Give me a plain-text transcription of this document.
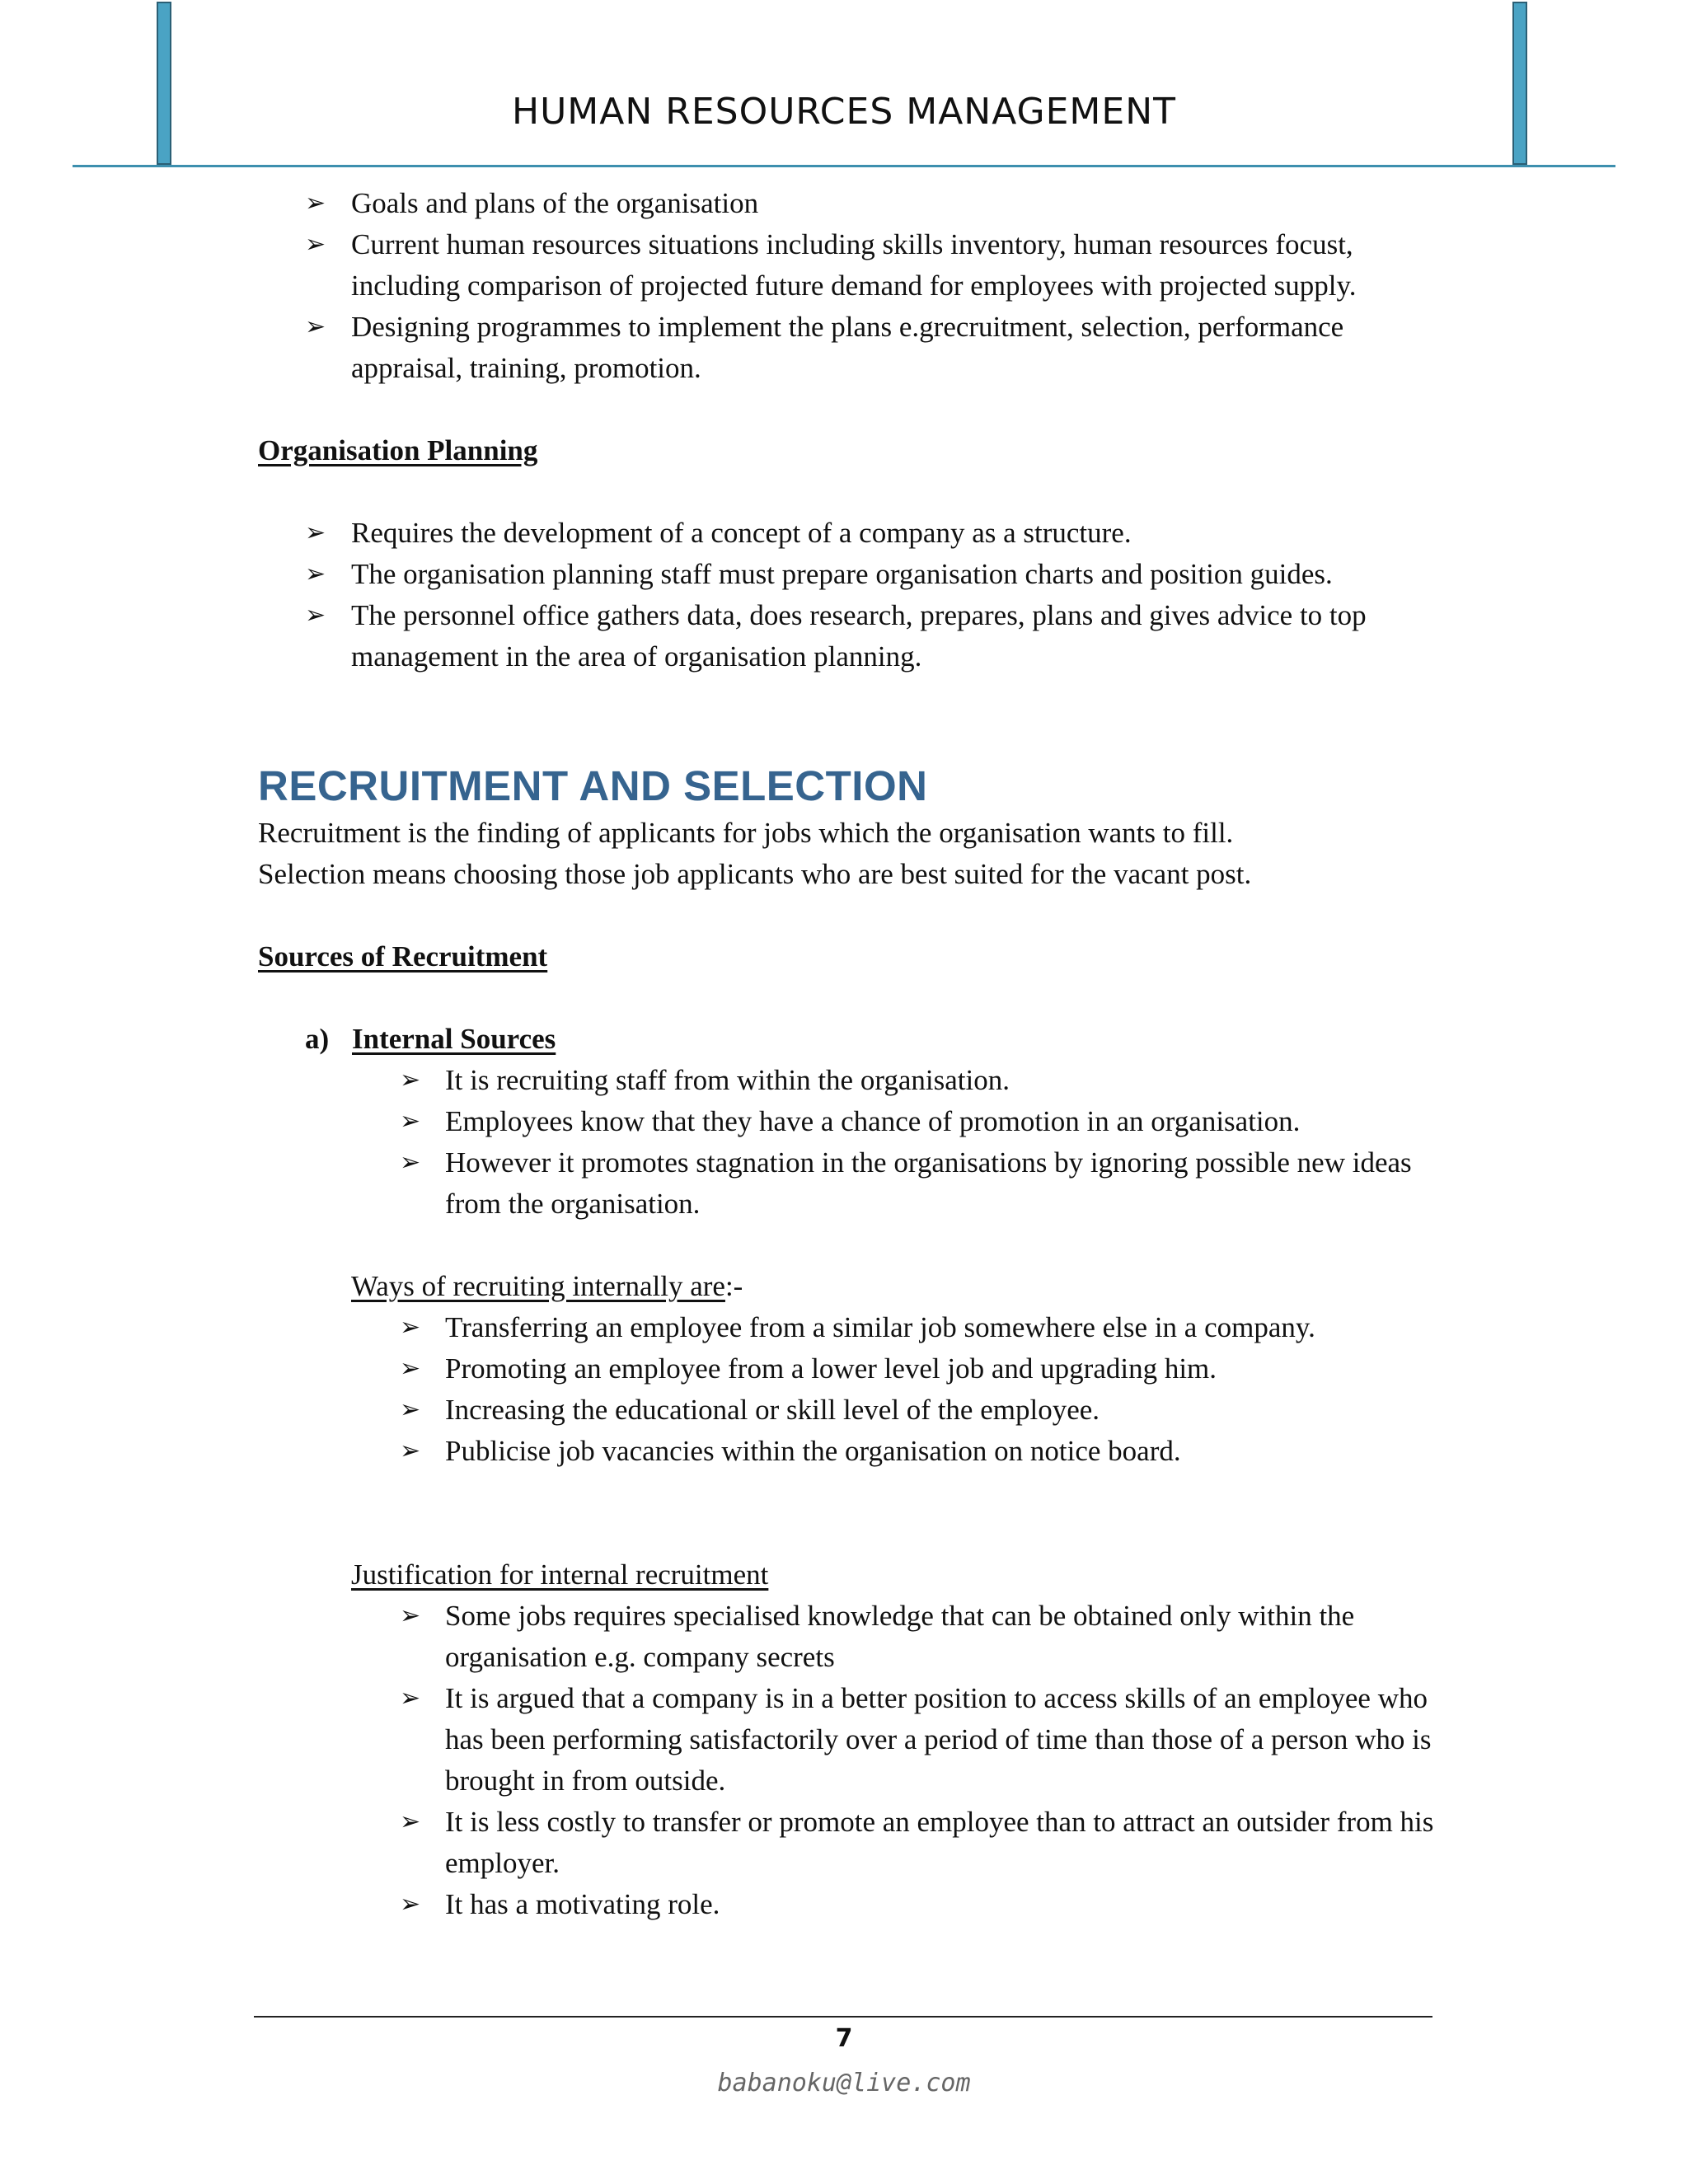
HUMAN RESOURCES MANAGEMENT
➢ Goals and plans of the organisation
➢ Current human resources situations including skills inventory, human resources focust, including comparison of projected future demand for employees with projected supply.
➢ Designing programmes to implement the plans e.grecruitment, selection, performance appraisal, training, promotion.
Organisation Planning
➢ Requires the development of a concept of a company as a structure.
➢ The organisation planning staff must prepare organisation charts and position guides.
➢ The personnel office gathers data, does research, prepares, plans and gives advice to top management in the area of organisation planning.
RECRUITMENT AND SELECTION
Recruitment is the finding of applicants for jobs which the organisation wants to fill.
Selection means choosing those job applicants who are best suited for the vacant post.
Sources of Recruitment
a) Internal Sources
➢ It is recruiting staff from within the organisation.
➢ Employees know that they have a chance of promotion in an organisation.
➢ However it promotes stagnation in the organisations by ignoring possible new ideas from the organisation.
Ways of recruiting internally are:-
➢ Transferring an employee from a similar job somewhere else in a company.
➢ Promoting an employee from a lower level job and upgrading him.
➢ Increasing the educational or skill level of the employee.
➢ Publicise job vacancies within the organisation on notice board.
Justification for internal recruitment
➢ Some jobs requires specialised knowledge that can be obtained only within the organisation e.g. company secrets
➢ It is argued that a company is in a better position to access skills of an employee who has been performing satisfactorily over a period of time than those of a person who is brought in from outside.
➢ It is less costly to transfer or promote an employee than to attract an outsider from his employer.
➢ It has a motivating role.
7
babanoku@live.com
